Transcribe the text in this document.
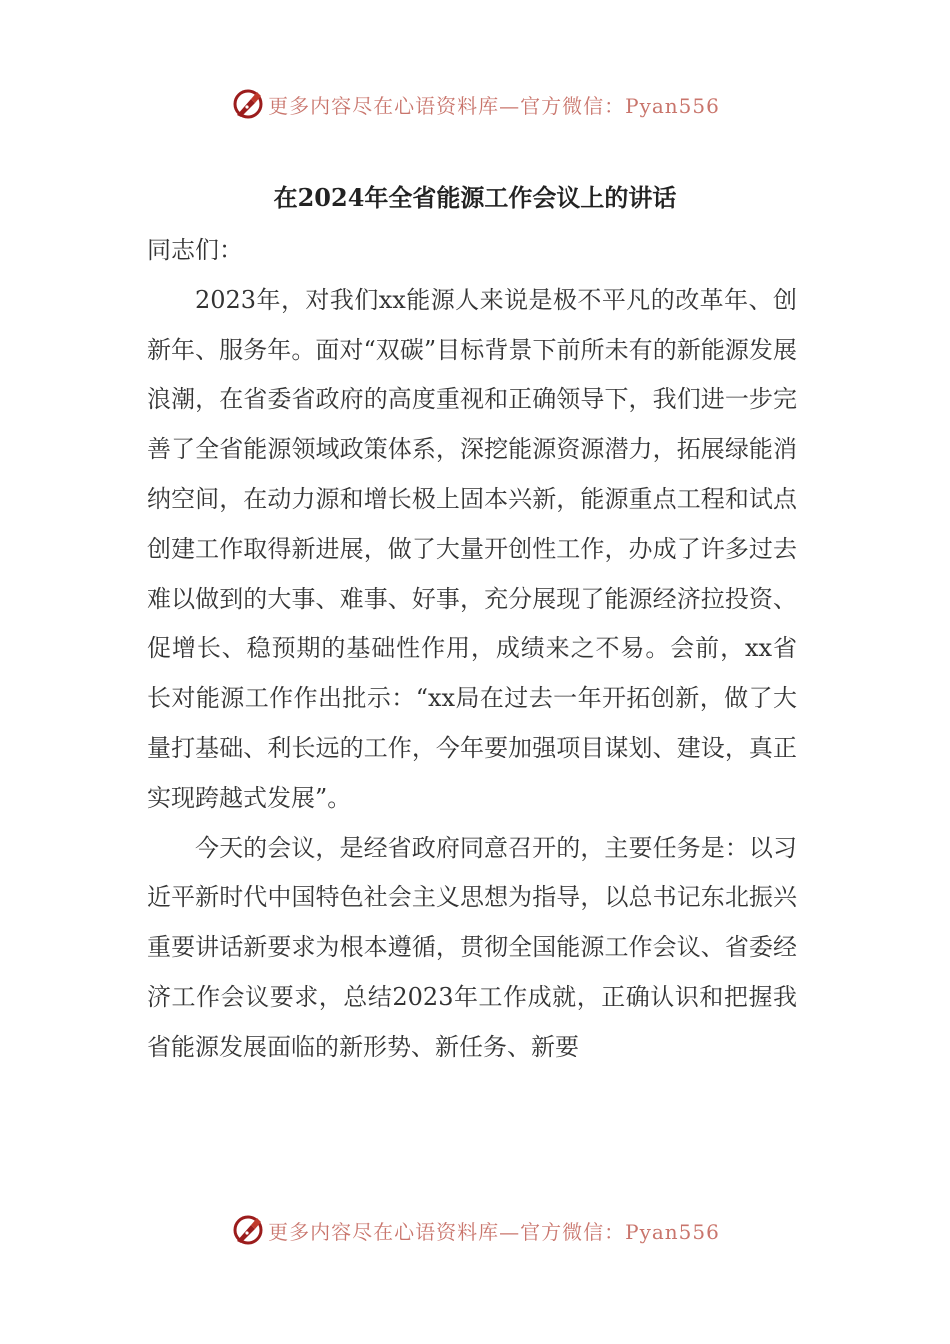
更多内容尽在心语资料库—官方微信：Pyan556
在2024年全省能源工作会议上的讲话

同志们：

2023年，对我们xx能源人来说是极不平凡的改革年、创新年、服务年。面对“双碳”目标背景下前所未有的新能源发展浪潮，在省委省政府的高度重视和正确领导下，我们进一步完善了全省能源领域政策体系，深挖能源资源潜力，拓展绿能消纳空间，在动力源和增长极上固本兴新，能源重点工程和试点创建工作取得新进展，做了大量开创性工作，办成了许多过去难以做到的大事、难事、好事，充分展现了能源经济拉投资、促增长、稳预期的基础性作用，成绩来之不易。会前，xx省长对能源工作作出批示：“xx局在过去一年开拓创新，做了大量打基础、利长远的工作，今年要加强项目谋划、建设，真正实现跨越式发展”。

今天的会议，是经省政府同意召开的，主要任务是：以习近平新时代中国特色社会主义思想为指导，以总书记东北振兴重要讲话新要求为根本遵循，贯彻全国能源工作会议、省委经济工作会议要求，总结2023年工作成就，正确认识和把握我省能源发展面临的新形势、新任务、新要

更多内容尽在心语资料库—官方微信：Pyan556
